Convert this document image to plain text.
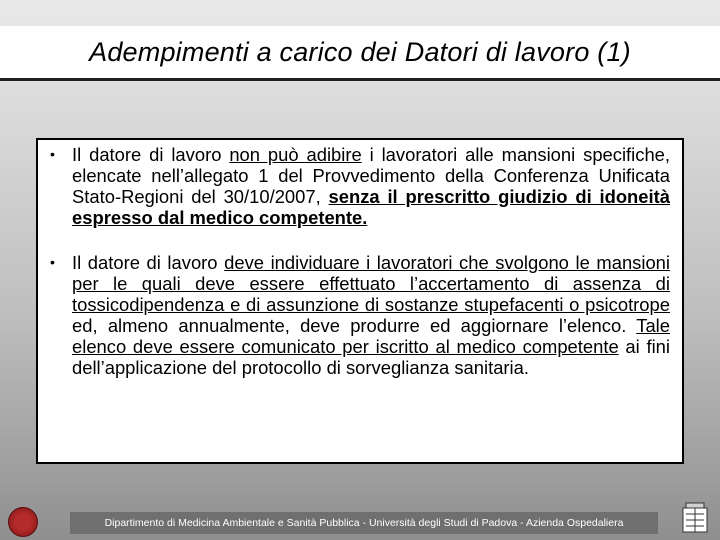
Adempimenti a carico dei Datori di lavoro (1)
• Il datore di lavoro non può adibire i lavoratori alle mansioni specifiche, elencate nell’allegato 1 del Provvedimento della Conferenza Unificata Stato-Regioni del 30/10/2007, senza il prescritto giudizio di idoneità espresso dal medico competente.
• Il datore di lavoro deve individuare i lavoratori che svolgono le mansioni per le quali deve essere effettuato l’accertamento di assenza di tossicodipendenza e di assunzione di sostanze stupefacenti o psicotrope ed, almeno annualmente, deve produrre ed aggiornare l’elenco. Tale elenco deve essere comunicato per iscritto al medico competente ai fini dell’applicazione del protocollo di sorveglianza sanitaria.
Dipartimento di Medicina Ambientale e Sanità Pubblica - Università degli Studi di Padova - Azienda Ospedaliera
